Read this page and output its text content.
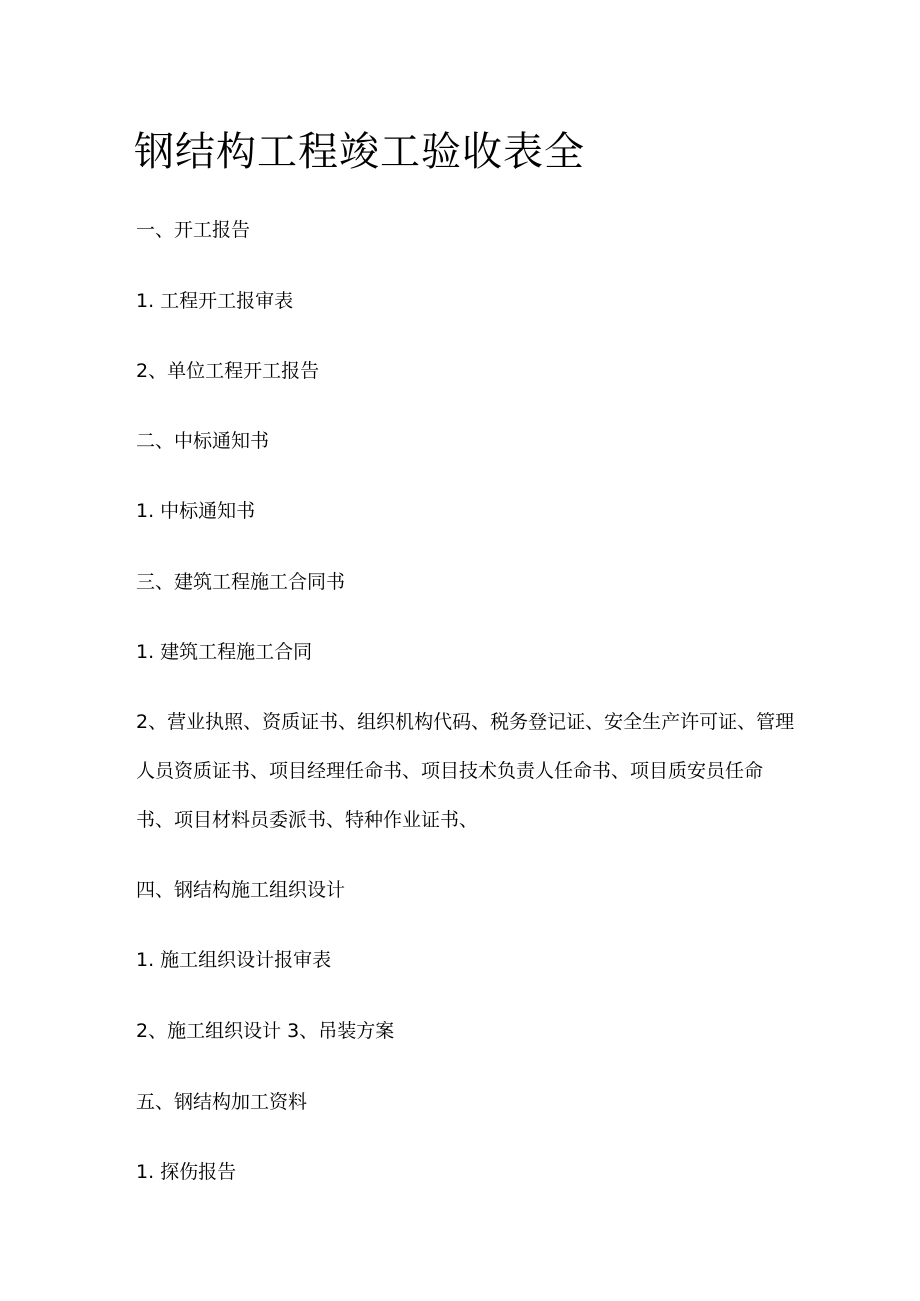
钢结构工程竣工验收表全

一、开工报告

1. 工程开工报审表

2、单位工程开工报告

二、中标通知书

1. 中标通知书

三、建筑工程施工合同书

1. 建筑工程施工合同

2、营业执照、资质证书、组织机构代码、税务登记证、安全生产许可证、管理人员资质证书、项目经理任命书、项目技术负责人任命书、项目质安员任命书、项目材料员委派书、特种作业证书、

四、钢结构施工组织设计

1. 施工组织设计报审表

2、施工组织设计 3、吊装方案

五、钢结构加工资料

1. 探伤报告
